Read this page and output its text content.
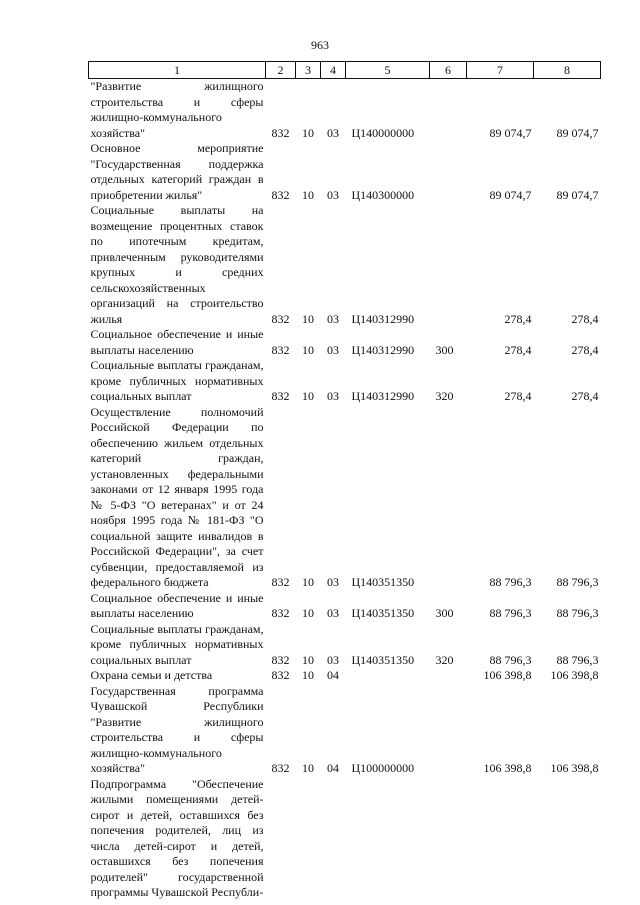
963
1	2	3	4	5	6	7	8
"Развитие жилищного строительства и сферы жилищно-коммунального хозяйства"	832	10	03	Ц140000000		89 074,7	89 074,7
Основное мероприятие "Государственная поддержка отдельных категорий граждан в приобретении жилья"	832	10	03	Ц140300000		89 074,7	89 074,7
Социальные выплаты на возмещение процентных ставок по ипотечным кредитам, привлеченным руководителями крупных и средних сельскохозяйственных организаций на строительство жилья	832	10	03	Ц140312990		278,4	278,4
Социальное обеспечение и иные выплаты населению	832	10	03	Ц140312990	300	278,4	278,4
Социальные выплаты гражданам, кроме публичных нормативных социальных выплат	832	10	03	Ц140312990	320	278,4	278,4
Осуществление полномочий Российской Федерации по обеспечению жильем отдельных категорий граждан, установленных федеральными законами от 12 января 1995 года № 5-ФЗ "О ветеранах" и от 24 ноября 1995 года № 181-ФЗ "О социальной защите инвалидов в Российской Федерации", за счет субвенции, предоставляемой из федерального бюджета	832	10	03	Ц140351350		88 796,3	88 796,3
Социальное обеспечение и иные выплаты населению	832	10	03	Ц140351350	300	88 796,3	88 796,3
Социальные выплаты гражданам, кроме публичных нормативных социальных выплат	832	10	03	Ц140351350	320	88 796,3	88 796,3
Охрана семьи и детства	832	10	04			106 398,8	106 398,8
Государственная программа Чувашской Республики "Развитие жилищного строительства и сферы жилищно-коммунального хозяйства"	832	10	04	Ц100000000		106 398,8	106 398,8
Подпрограмма "Обеспечение жилыми помещениями детей-сирот и детей, оставшихся без попечения родителей, лиц из числа детей-сирот и детей, оставшихся без попечения родителей" государственной программы Чувашской Республи-							
